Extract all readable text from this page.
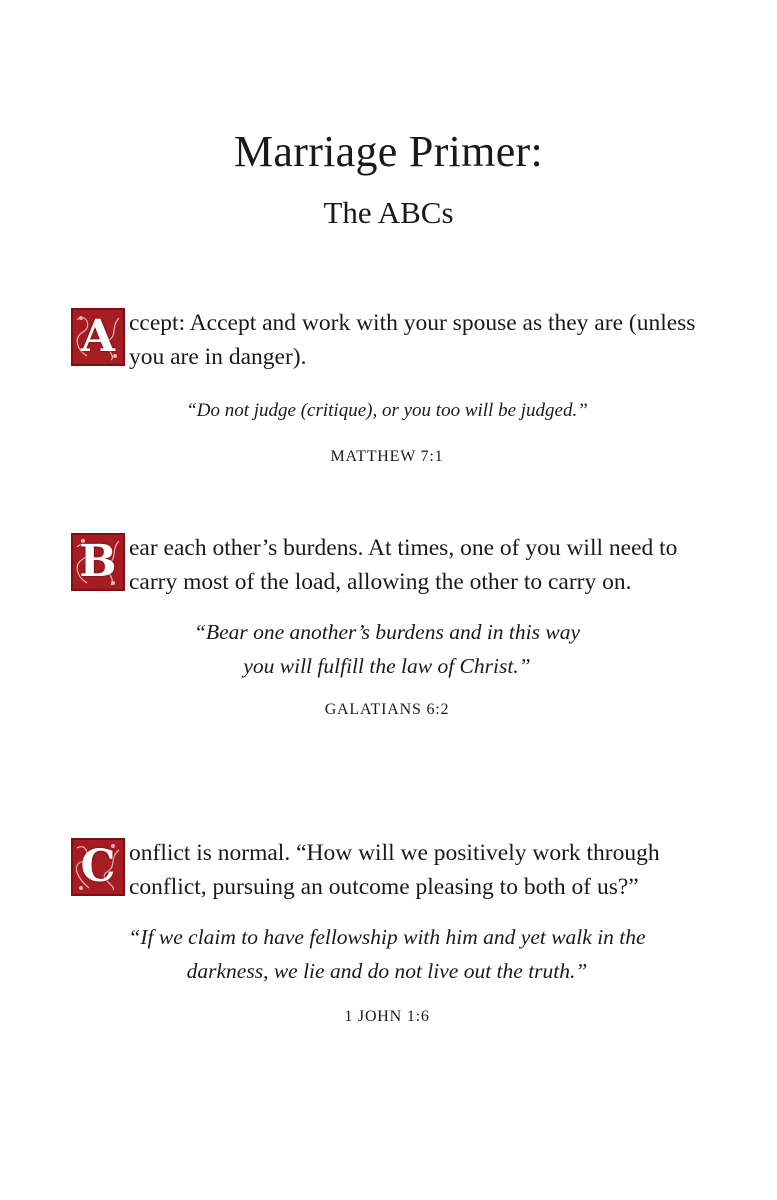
Marriage Primer:
The ABCs

A ccept: Accept and work with your spouse as they are (unless you are in danger).

“Do not judge (critique), or you too will be judged.”

MATTHEW 7:1

B ear each other’s burdens. At times, one of you will need to carry most of the load, allowing the other to carry on.

“Bear one another’s burdens and in this way
you will fulfill the law of Christ.”

GALATIANS 6:2

C onflict is normal. “How will we positively work through conflict, pursuing an outcome pleasing to both of us?”

“If we claim to have fellowship with him and yet walk in the
darkness, we lie and do not live out the truth.”

1 JOHN 1:6
